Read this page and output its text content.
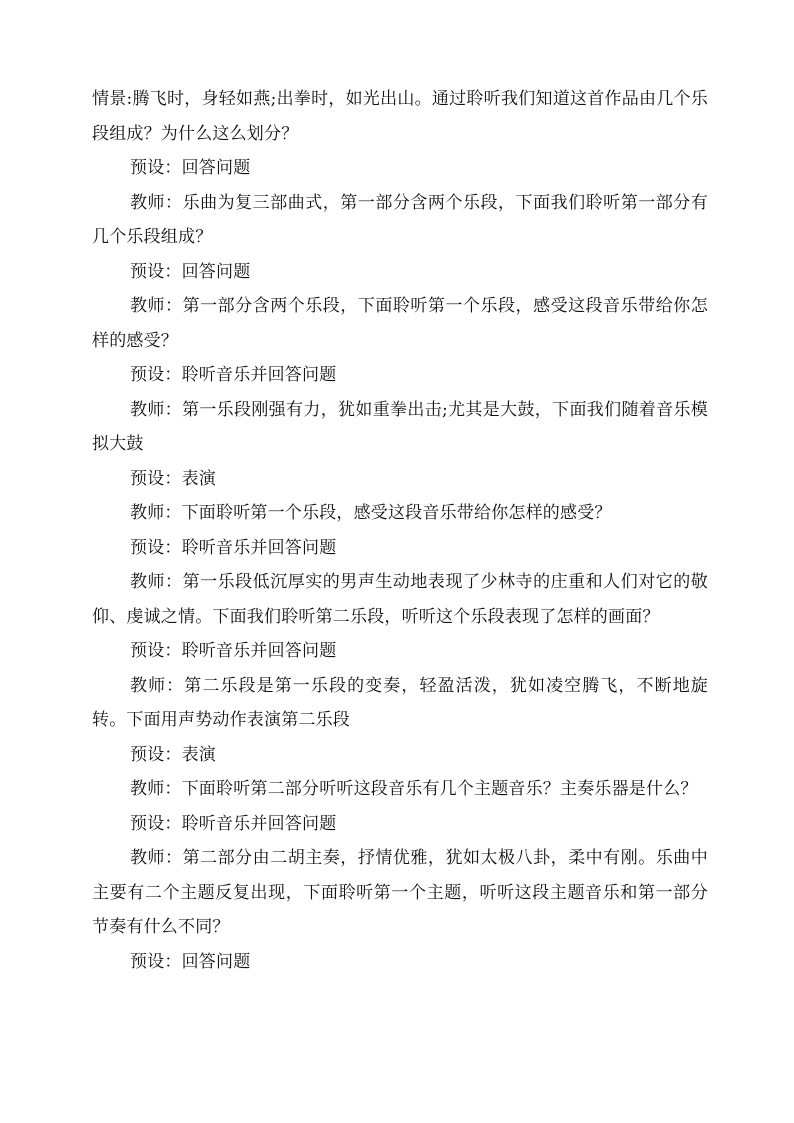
情景:腾飞时，身轻如燕;出拳时，如光出山。通过聆听我们知道这首作品由几个乐段组成？为什么这么划分？

预设：回答问题

教师：乐曲为复三部曲式，第一部分含两个乐段，下面我们聆听第一部分有几个乐段组成？

预设：回答问题

教师：第一部分含两个乐段，下面聆听第一个乐段，感受这段音乐带给你怎样的感受？

预设：聆听音乐并回答问题

教师：第一乐段刚强有力，犹如重拳出击;尤其是大鼓，下面我们随着音乐模拟大鼓

预设：表演

教师：下面聆听第一个乐段，感受这段音乐带给你怎样的感受？

预设：聆听音乐并回答问题

教师：第一乐段低沉厚实的男声生动地表现了少林寺的庄重和人们对它的敬仰、虔诚之情。下面我们聆听第二乐段，听听这个乐段表现了怎样的画面？

预设：聆听音乐并回答问题

教师：第二乐段是第一乐段的变奏，轻盈活泼，犹如凌空腾飞，不断地旋转。下面用声势动作表演第二乐段

预设：表演

教师：下面聆听第二部分听听这段音乐有几个主题音乐？主奏乐器是什么？

预设：聆听音乐并回答问题

教师：第二部分由二胡主奏，抒情优雅，犹如太极八卦，柔中有刚。乐曲中主要有二个主题反复出现，下面聆听第一个主题，听听这段主题音乐和第一部分节奏有什么不同？

预设：回答问题
